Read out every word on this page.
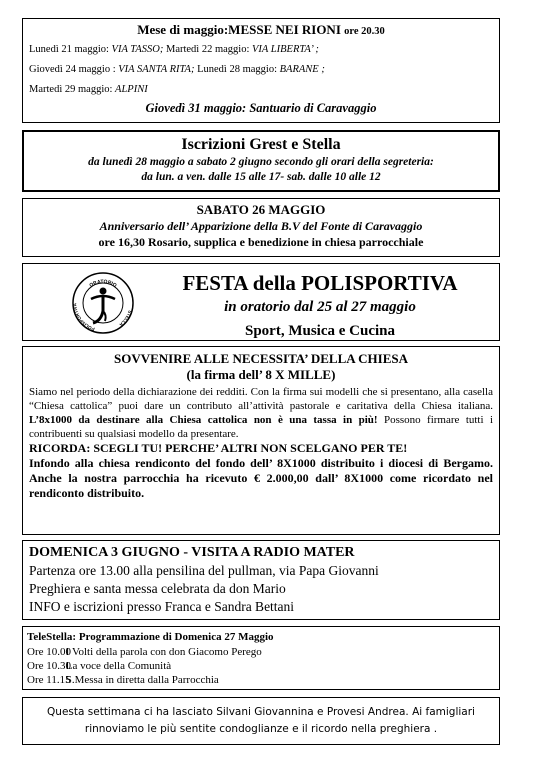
Mese di maggio:MESSE NEI RIONI ore 20.30
Lunedì 21 maggio: VIA TASSO; Martedì 22 maggio: VIA LIBERTA’ ;
Giovedì 24 maggio : VIA SANTA RITA; Lunedì 28 maggio: BARANE ;
Martedì 29 maggio: ALPINI
Giovedì 31 maggio: Santuario di Caravaggio
Iscrizioni Grest e Stella
da lunedì 28 maggio a sabato 2 giugno secondo gli orari della segreteria:
da lun. a ven. dalle 15 alle 17- sab. dalle 10 alle 12
SABATO 26 MAGGIO
Anniversario dell’ Apparizione della B.V del Fonte di Caravaggio
ore 16,30 Rosario, supplica e benedizione in chiesa parrocchiale
ORATORIO
POLISPORTIVA
STELLA
FESTA della POLISPORTIVA
in oratorio dal 25 al 27 maggio
Sport, Musica e Cucina
SOVVENIRE ALLE NECESSITA’ DELLA CHIESA
(la firma dell’ 8 X MILLE)
Siamo nel periodo della dichiarazione dei redditi. Con la firma sui modelli che si presentano, alla casella “Chiesa cattolica” puoi dare un contributo all’attività pastorale e caritativa della Chiesa italiana. L’8x1000 da destinare alla Chiesa cattolica non è una tassa in più! Possono firmare tutti i contribuenti su qualsiasi modello da presentare.
RICORDA: SCEGLI TU! PERCHE’ ALTRI NON SCELGANO PER TE!
Infondo alla chiesa rendiconto del fondo dell’ 8X1000 distribuito i diocesi di Bergamo. Anche la nostra parrocchia ha ricevuto € 2.000,00 dall’ 8X1000 come ricordato nel rendiconto distribuito.
DOMENICA 3 GIUGNO - VISITA A RADIO MATER
Partenza ore 13.00 alla pensilina del pullman, via Papa Giovanni
Preghiera e santa messa celebrata da don Mario
INFO e iscrizioni presso Franca e Sandra Bettani
TeleStella: Programmazione di Domenica 27 Maggio
Ore 10.00 I Volti della parola con don Giacomo Perego
Ore 10.30 La voce della Comunità
Ore 11.15 S.Messa in diretta dalla Parrocchia
Questa settimana ci ha lasciato Silvani Giovannina e Provesi Andrea. Ai famigliari
rinnoviamo le più sentite condoglianze e il ricordo nella preghiera .
